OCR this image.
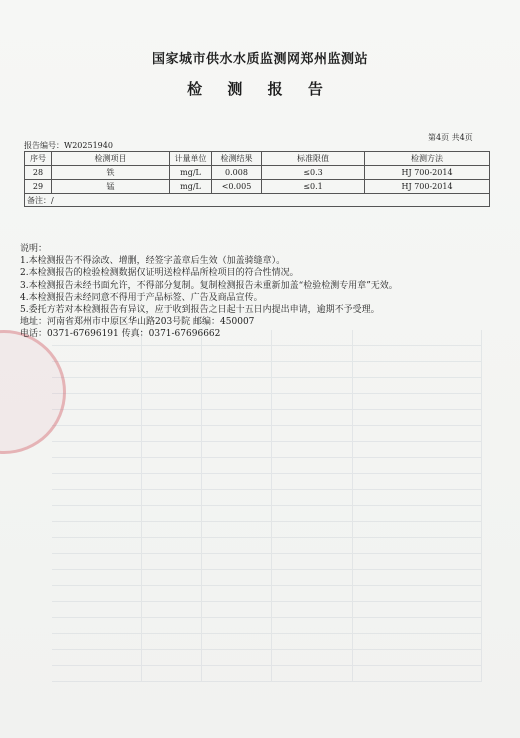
国家城市供水水质监测网郑州监测站
检 测 报 告
第4页 共4页
报告编号：W20251940
序号	检测项目	计量单位	检测结果	标准限值	检测方法
28	铁	mg/L	0.008	≤0.3	HJ 700-2014
29	锰	mg/L	<0.005	≤0.1	HJ 700-2014
备注：/					
说明：
1.本检测报告不得涂改、增删，经签字盖章后生效（加盖骑缝章）。
2.本检测报告的检验检测数据仅证明送检样品所检项目的符合性情况。
3.本检测报告未经书面允许，不得部分复制。复制检测报告未重新加盖“检验检测专用章”无效。
4.本检测报告未经同意不得用于产品标签、广告及商品宣传。
5.委托方若对本检测报告有异议，应于收到报告之日起十五日内提出申请，逾期不予受理。
地址：河南省郑州市中原区华山路203号院 邮编：450007
电话：0371-67696191 传真：0371-67696662
